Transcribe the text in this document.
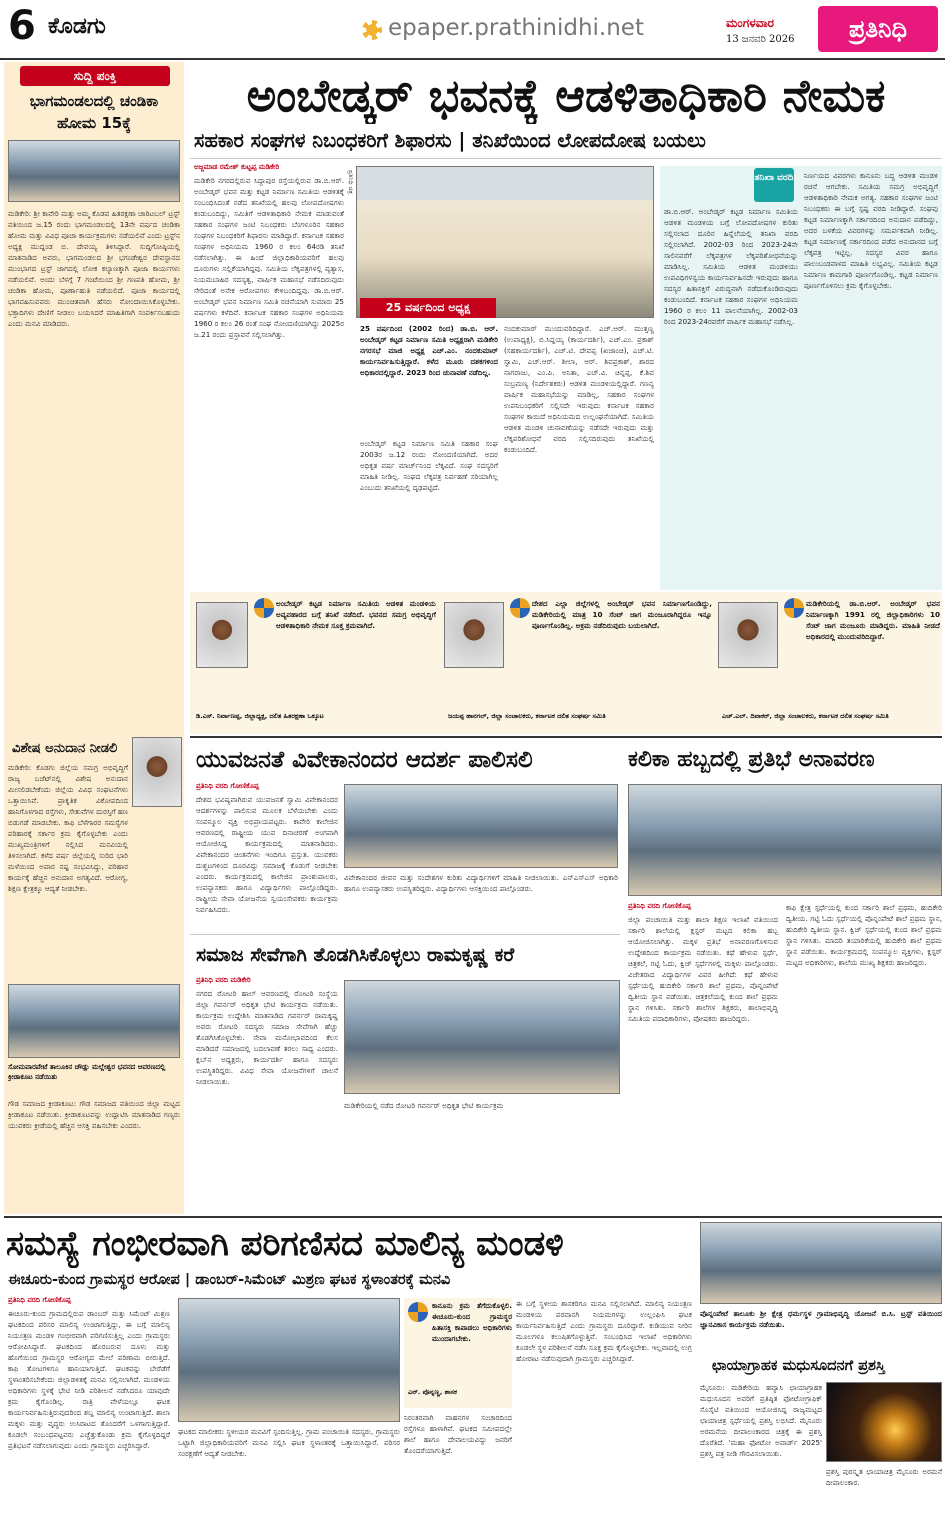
6 ಕೊಡಗು	epaper.prathinidhi.net	ಮಂಗಳವಾರ
13 ಜನವರಿ 2026	ಪ್ರತಿನಿಧಿ
ಸುದ್ದಿ ಪಂಕ್ತಿ
ಭಾಗಮಂಡಲದಲ್ಲಿ ಚಂಡಿಕಾ ಹೋಮ 15ಕ್ಕೆ
ಮಡಿಕೇರಿ: ಶ್ರೀ ಕಾವೇರಿ ಮತ್ತು ಅಮ್ಮ ಕೊಡವ ಹಿತರಕ್ಷಣಾ ಚಾರಿಟಬಲ್ ಟ್ರಸ್ಟ್ ವತಿಯಿಂದ ಜ.15 ರಂದು ಭಾಗಮಂಡಲದಲ್ಲಿ 13ನೇ ವರ್ಷದ ಚಂಡಿಕಾ ಹೋಮ ಮತ್ತು ವಿವಿಧ ಪೂಜಾ ಕಾರ್ಯಕ್ರಮಗಳು ನಡೆಯಲಿವೆ ಎಂದು ಟ್ರಸ್ಟ್‌ನ ಅಧ್ಯಕ್ಷ ಮುದ್ದಂಡ ಬಿ. ದೇವಯ್ಯ ತಿಳಿಸಿದ್ದಾರೆ. ಸುದ್ದಿಗೋಷ್ಠಿಯಲ್ಲಿ ಮಾತನಾಡಿದ ಅವರು, ಭಾಗಮಂಡಲದ ಶ್ರೀ ಭಗಂಡೇಶ್ವರ ದೇವಸ್ಥಾನದ ಮುಂಭಾಗದ ಟ್ರಸ್ಟ್ ಜಾಗದಲ್ಲಿ ಲೋಕ ಕಲ್ಯಾಣಕ್ಕಾಗಿ ಪೂಜಾ ಕಾರ್ಯಗಳು ನಡೆಯಲಿವೆ. ಅಂದು ಬೆಳಗ್ಗೆ 7 ಗಂಟೆಯಿಂದ ಶ್ರೀ ಗಣಪತಿ ಹೋಮ, ಶ್ರೀ ಚಂಡಿಕಾ ಹೋಮ, ಪೂರ್ಣಾಹುತಿ ನಡೆಯಲಿದೆ. ಪೂಜಾ ಕಾರ್ಯದಲ್ಲಿ ಭಾಗವಹಿಸುವವರು ಮುಂಚಿತವಾಗಿ ಹೆಸರು ನೋಂದಾಯಿಸಿಕೊಳ್ಳಬೇಕು. ಭಕ್ತಾದಿಗಳು ದೇಣಿಗೆ ನೀಡಲು ಬಯಸಿದರೆ ಮಾಹಿತಿಗಾಗಿ ಸಂಪರ್ಕಿಸಬಹುದು ಎಂದು ಮನವಿ ಮಾಡಿದರು.
ವಿಶೇಷ ಅನುದಾನ ನೀಡಲಿ
ಮಡಿಕೇರಿ: ಕೊಡಗು ಜಿಲ್ಲೆಯ ಸಮಗ್ರ ಅಭಿವೃದ್ಧಿಗೆ ರಾಜ್ಯ ಬಜೆಟ್‌ನಲ್ಲಿ ವಿಶೇಷ ಅನುದಾನ ಮೀಸಲಿಡಬೇಕೆಂದು ಜಿಲ್ಲೆಯ ವಿವಿಧ ಸಂಘಟನೆಗಳು ಒತ್ತಾಯಿಸಿವೆ. ಪ್ರಾಕೃತಿಕ ವಿಕೋಪದಿಂದ ಹಾನಿಗೊಳಗಾದ ರಸ್ತೆಗಳು, ಸೇತುವೆಗಳ ದುರಸ್ತಿಗೆ ಹಣ ಬಿಡುಗಡೆ ಮಾಡಬೇಕು. ಕಾಫಿ ಬೆಳೆಗಾರರ ಸಮಸ್ಯೆಗಳ ಪರಿಹಾರಕ್ಕೆ ಸರ್ಕಾರ ಕ್ರಮ ಕೈಗೊಳ್ಳಬೇಕು ಎಂದು ಮುಖ್ಯಮಂತ್ರಿಗಳಿಗೆ ಸಲ್ಲಿಸಿದ ಮನವಿಯಲ್ಲಿ ತಿಳಿಸಲಾಗಿದೆ. ಕಳೆದ ವರ್ಷ ಜಿಲ್ಲೆಯಲ್ಲಿ ಸುರಿದ ಭಾರಿ ಮಳೆಯಿಂದ ಅಪಾರ ನಷ್ಟ ಸಂಭವಿಸಿದ್ದು, ಪರಿಹಾರ ಕಾರ್ಯಕ್ಕೆ ಹೆಚ್ಚಿನ ಅನುದಾನ ಅಗತ್ಯವಿದೆ. ಆರೋಗ್ಯ, ಶಿಕ್ಷಣ ಕ್ಷೇತ್ರಕ್ಕೂ ಆದ್ಯತೆ ನೀಡಬೇಕು.
ಸೋಮವಾರಪೇಟೆ ತಾಲೂಕಿನ ಚೌಡ್ಲು ಮಲ್ಲೇಶ್ವರ ಭವನದ ಆವರಣದಲ್ಲಿ ಕ್ರೀಡಾಕೂಟ ನಡೆಯಿತು
ಗೌಡ ಸಮಾಜದ ಕ್ರೀಡಾಕೂಟ: ಗೌಡ ಸಮಾಜದ ವತಿಯಿಂದ ಜಿಲ್ಲಾ ಮಟ್ಟದ ಕ್ರೀಡಾಕೂಟ ನಡೆಯಿತು. ಕ್ರೀಡಾಕೂಟವನ್ನು ಉದ್ಘಾಟಿಸಿ ಮಾತನಾಡಿದ ಗಣ್ಯರು ಯುವಕರು ಕ್ರೀಡೆಯಲ್ಲಿ ಹೆಚ್ಚಿನ ಆಸಕ್ತಿ ವಹಿಸಬೇಕು ಎಂದರು.
ಅಂಬೇಡ್ಕರ್ ಭವನಕ್ಕೆ ಆಡಳಿತಾಧಿಕಾರಿ ನೇಮಕ
ಸಹಕಾರ ಸಂಘಗಳ ನಿಬಂಧಕರಿಗೆ ಶಿಫಾರಸು | ತನಿಖೆಯಿಂದ ಲೋಪದೋಷ ಬಯಲು
ಅಜ್ಜಮಾಡ ರಮೇಶ್ ಕುಟ್ಟಪ್ಪ ಮಡಿಕೇರಿ
ಮಡಿಕೇರಿ ನಗರದಲ್ಲಿರುವ ಸಿದ್ದಾಪುರ ರಸ್ತೆಯಲ್ಲಿರುವ ಡಾ.ಬಿ.ಆರ್. ಅಂಬೇಡ್ಕರ್ ಭವನ ಮತ್ತು ಕಟ್ಟಡ ನಿರ್ಮಾಣ ಸಮಿತಿಯ ಆಡಳಿತಕ್ಕೆ ಸಂಬಂಧಿಸಿದಂತೆ ನಡೆದ ತನಿಖೆಯಲ್ಲಿ ಹಲವು ಲೋಪದೋಷಗಳು ಕಂಡುಬಂದಿದ್ದು, ಸಮಿತಿಗೆ ಆಡಳಿತಾಧಿಕಾರಿ ನೇಮಕ ಮಾಡುವಂತೆ ಸಹಕಾರ ಸಂಘಗಳ ಜಂಟಿ ನಿಬಂಧಕರು ಬೆಂಗಳೂರಿನ ಸಹಕಾರ ಸಂಘಗಳ ನಿಬಂಧಕರಿಗೆ ಶಿಫಾರಸು ಮಾಡಿದ್ದಾರೆ. ಕರ್ನಾಟಕ ಸಹಕಾರ ಸಂಘಗಳ ಅಧಿನಿಯಮ 1960 ರ ಕಲಂ 64ರಡಿ ತನಿಖೆ ನಡೆಸಲಾಗಿತ್ತು. ಈ ಹಿಂದೆ ಜಿಲ್ಲಾಧಿಕಾರಿಯವರಿಗೆ ಹಲವು ದೂರುಗಳು ಸಲ್ಲಿಕೆಯಾಗಿದ್ದವು. ಸಮಿತಿಯ ಲೆಕ್ಕಪತ್ರಗಳಲ್ಲಿ ವ್ಯತ್ಯಾಸ, ನಿಯಮಬಾಹಿರ ಸದಸ್ಯತ್ವ, ವಾರ್ಷಿಕ ಮಹಾಸಭೆ ನಡೆಸದಿರುವುದು ಸೇರಿದಂತೆ ಅನೇಕ ಆರೋಪಗಳು ಕೇಳಿಬಂದಿದ್ದವು. ಡಾ.ಬಿ.ಆರ್. ಅಂಬೇಡ್ಕರ್ ಭವನ ನಿರ್ಮಾಣ ಸಮಿತಿ ರಚನೆಯಾಗಿ ಸುಮಾರು 25 ವರ್ಷಗಳು ಕಳೆದಿವೆ. ಕರ್ನಾಟಕ ಸಹಕಾರ ಸಂಘಗಳ ಅಧಿನಿಯಮ 1960 ರ ಕಲಂ 26 ರಂತೆ ಸಂಘ ನೋಂದಣಿಯಾಗಿದ್ದು 2025ರ ಜ.21 ರಂದು ಪ್ರಸ್ತಾವನೆ ಸಲ್ಲಿಸಲಾಗಿತ್ತು.
ಪ್ರತಿನಿಧಿ ಚಿತ್ರ
25 ವರ್ಷದಿಂದ ಅಧ್ಯಕ್ಷ
25 ವರ್ಷದಿಂದ (2002 ರಿಂದ) ಡಾ.ಬಿ. ಆರ್. ಅಂಬೇಡ್ಕರ್ ಕಟ್ಟಡ ನಿರ್ಮಾಣ ಸಮಿತಿ ಅಧ್ಯಕ್ಷರಾಗಿ ಮಡಿಕೇರಿ ನಗರಸಭೆ ಮಾಜಿ ಅಧ್ಯಕ್ಷ ಎಚ್.ಎಂ. ನಂದಕುಮಾರ್ ಕಾರ್ಯನಿರ್ವಹಿಸುತ್ತಿದ್ದಾರೆ. ಕಳೆದ ಮೂರು ದಶಕಗಳಿಂದ ಅಧಿಕಾರದಲ್ಲಿದ್ದಾರೆ. 2023 ರಿಂದ ಚುನಾವಣೆ ನಡೆದಿಲ್ಲ.
ನಂದಕುಮಾರ್ ಮುಂದುವರಿದಿದ್ದಾರೆ. ಎಚ್.ಆರ್. ಮುತ್ತಣ್ಣ (ಉಪಾಧ್ಯಕ್ಷ), ಬಿ.ಸಿದ್ದಯ್ಯ (ಕಾರ್ಯದರ್ಶಿ), ಎಚ್.ಎಂ. ಪ್ರಕಾಶ್ (ಸಹಕಾರ್ಯದರ್ಶಿ), ಎಚ್.ಟಿ. ದೇವಪ್ಪ (ಖಜಾಂಚಿ), ಎಚ್.ಟಿ. ಸ್ವಾಮಿ, ಎಚ್.ಆರ್. ಶೀಲಾ, ಆರ್. ಶಿವಪ್ರಕಾಶ್, ಶಾರದ ನಾಗರಾಜು, ಎಂ.ಪಿ. ಅನಿತಾ, ಎಚ್.ವಿ. ಚಿನ್ನಪ್ಪ, ಕೆ.ಶಿವ ಸುಬ್ರಮಣ್ಯ (ನಿರ್ದೇಶಕರು) ಆಡಳಿತ ಮಂಡಳಿಯಲ್ಲಿದ್ದಾರೆ. ಗಣನ್ಯ ವಾರ್ಷಿಕ ಮಹಾಸಭೆಯನ್ನು ಮಾಡಿಲ್ಲ, ಸಹಕಾರ ಸಂಘಗಳ ಉಪನಿಬಂಧಕರಿಗೆ ಸಲ್ಲಿಸದೇ ಇರುವುದು ಕರ್ನಾಟಕ ಸಹಕಾರ ಸಂಘಗಳ ಕಾಯಿದೆ ಅಧಿನಿಯಮದ ಉಲ್ಲಂಘನೆಯಾಗಿದೆ. ಸಮಿತಿಯ ಆಡಳಿತ ಮಂಡಳಿ ಚುನಾವಣೆಯನ್ನು ನಡೆಸದೇ ಇರುವುದು ಮತ್ತು ಲೆಕ್ಕಪರಿಶೋಧನೆ ವರದಿ ಸಲ್ಲಿಸದಿರುವುದು ತನಿಖೆಯಲ್ಲಿ ಕಂಡುಬಂದಿದೆ.
ಅಂಬೇಡ್ಕರ್ ಕಟ್ಟಡ ನಿರ್ಮಾಣ ಸಮಿತಿ ಸಹಕಾರ ಸಂಘ 2003ರ ಜ.12 ರಂದು ನೋಂದಣಿಯಾಗಿದೆ. ಅದರ ಅಧಿಕೃತ ವರ್ಷ ಮಾರ್ಚ್‌ನಿಂದ ಲೆಕ್ಕವಿದೆ. ಸಂಘ ಸದಸ್ಯರಿಗೆ ಮಾಹಿತಿ ನೀಡಿಲ್ಲ. ಸಂಘದ ಲೆಕ್ಕಪತ್ರ ನಿರ್ವಹಣೆ ಸರಿಯಾಗಿಲ್ಲ ಎಂಬುದು ತನಿಖೆಯಲ್ಲಿ ದೃಢಪಟ್ಟಿದೆ.
ತನಿಖಾ ವರದಿ
ಡಾ.ಬಿ.ಆರ್. ಅಂಬೇಡ್ಕರ್ ಕಟ್ಟಡ ನಿರ್ಮಾಣ ಸಮಿತಿಯ ಆಡಳಿತ ಮಂಡಳಿಯ ಬಗ್ಗೆ ಲೋಪದೋಷಗಳ ಕುರಿತು ಸಲ್ಲಿಸಲಾದ ದೂರಿನ ಹಿನ್ನೆಲೆಯಲ್ಲಿ ತನಿಖಾ ವರದಿ ಸಲ್ಲಿಸಲಾಗಿದೆ. 2002-03 ರಿಂದ 2023-24ನೇ ಸಾಲಿನವರೆಗೆ ಲೆಕ್ಕಪತ್ರಗಳ ಲೆಕ್ಕಪರಿಶೋಧನೆಯನ್ನು ಮಾಡಿಸಿಲ್ಲ. ಸಮಿತಿಯ ಆಡಳಿತ ಮಂಡಳಿಯು ಉಪವಿಧಿಗಳನ್ವಯ ಕಾರ್ಯನಿರ್ವಹಿಸದೇ ಇರುವುದು ಹಾಗೂ ಸದಸ್ಯರ ಹಿತಾಸಕ್ತಿಗೆ ವಿರುದ್ಧವಾಗಿ ನಡೆದುಕೊಂಡಿರುವುದು ಕಂಡುಬಂದಿದೆ. ಕರ್ನಾಟಕ ಸಹಕಾರ ಸಂಘಗಳ ಅಧಿನಿಯಮ 1960 ರ ಕಲಂ 11 ಪಾಲನೆಯಾಗಿಲ್ಲ. 2002-03 ರಿಂದ 2023-24ರವರೆಗೆ ವಾರ್ಷಿಕ ಮಹಾಸಭೆ ನಡೆಸಿಲ್ಲ.
ನಿರ್ಣಯದ ವಿವರಗಳು ಕಾನೂನು ಬದ್ಧ ಆಡಳಿತ ಮಂಡಳಿ ರಚನೆ ಆಗಬೇಕು. ಸಮಿತಿಯ ಸಮಗ್ರ ಅಭಿವೃದ್ಧಿಗೆ ಆಡಳಿತಾಧಿಕಾರಿ ನೇಮಕ ಅಗತ್ಯ. ಸಹಕಾರ ಸಂಘಗಳ ಜಂಟಿ ನಿಬಂಧಕರು ಈ ಬಗ್ಗೆ ಸ್ಪಷ್ಟ ವರದಿ ನೀಡಿದ್ದಾರೆ. ಸಂಘವು ಕಟ್ಟಡ ನಿರ್ಮಾಣಕ್ಕಾಗಿ ಸರ್ಕಾರದಿಂದ ಅನುದಾನ ಪಡೆದಿದ್ದು, ಅದರ ಬಳಕೆಯ ವಿವರಗಳನ್ನು ಸಮರ್ಪಕವಾಗಿ ನೀಡಿಲ್ಲ. ಕಟ್ಟಡ ನಿರ್ಮಾಣಕ್ಕೆ ಸರ್ಕಾರದಿಂದ ಪಡೆದ ಅನುದಾನದ ಬಗ್ಗೆ ಲೆಕ್ಕಪತ್ರ ಇಟ್ಟಿಲ್ಲ. ಸದಸ್ಯರ ವಿವರ ಹಾಗೂ ಪಾಲುಬಂಡವಾಳದ ಮಾಹಿತಿ ಲಭ್ಯವಿಲ್ಲ. ಸಮಿತಿಯ ಕಟ್ಟಡ ನಿರ್ಮಾಣ ಕಾಮಗಾರಿ ಪೂರ್ಣಗೊಂಡಿಲ್ಲ. ಕಟ್ಟಡ ನಿರ್ಮಾಣ ಪೂರ್ಣಗೊಳಿಸಲು ಕ್ರಮ ಕೈಗೊಳ್ಳಬೇಕು.
ಅಂಬೇಡ್ಕರ್ ಕಟ್ಟಡ ನಿರ್ಮಾಣ ಸಮಿತಿಯ ಆಡಳಿತ ಮಂಡಳಿಯ ಅವ್ಯವಹಾರದ ಬಗ್ಗೆ ತನಿಖೆ ನಡೆದಿದೆ. ಭವನದ ಸಮಗ್ರ ಅಭಿವೃದ್ಧಿಗೆ ಆಡಳಿತಾಧಿಕಾರಿ ನೇಮಕ ಸೂಕ್ತ ಕ್ರಮವಾಗಿದೆ.
ಡಿ.ಎಸ್. ನಿರ್ವಾಣಪ್ಪ, ಜಿಲ್ಲಾಧ್ಯಕ್ಷ, ದಲಿತ ಹಿತರಕ್ಷಣಾ ಒಕ್ಕೂಟ
ದೇಶದ ಎಲ್ಲಾ ಜಿಲ್ಲೆಗಳಲ್ಲಿ ಅಂಬೇಡ್ಕರ್ ಭವನ ನಿರ್ಮಾಣಗೊಂಡಿದ್ದು, ಮಡಿಕೇರಿಯಲ್ಲಿ ಮಾತ್ರ 10 ಸೆಂಟ್ ಜಾಗ ಮಂಜೂರಾಗಿದ್ದರೂ ಇನ್ನೂ ಪೂರ್ಣಗೊಂಡಿಲ್ಲ. ಅಕ್ರಮ ನಡೆದಿರುವುದು ಬಯಲಾಗಿದೆ.
ಜಯಪ್ಪ ಹಾನಗಲ್, ಜಿಲ್ಲಾ ಸಂಚಾಲಕರು, ಕರ್ನಾಟಕ ದಲಿತ ಸಂಘರ್ಷ ಸಮಿತಿ
ಮಡಿಕೇರಿಯಲ್ಲಿ ಡಾ.ಬಿ.ಆರ್. ಅಂಬೇಡ್ಕರ್ ಭವನ ನಿರ್ಮಾಣಕ್ಕಾಗಿ 1991 ರಲ್ಲಿ ಜಿಲ್ಲಾಧಿಕಾರಿಗಳು 10 ಸೆಂಟ್ ಜಾಗ ಮಂಜೂರು ಮಾಡಿದ್ದರು. ಮಾಹಿತಿ ನೀಡದೆ ಅಧಿಕಾರದಲ್ಲಿ ಮುಂದುವರಿದಿದ್ದಾರೆ.
ಎಚ್.ಎಲ್. ದಿವಾಕರ್, ಜಿಲ್ಲಾ ಸಂಚಾಲಕರು, ಕರ್ನಾಟಕ ದಲಿತ ಸಂಘರ್ಷ ಸಮಿತಿ
ಯುವಜನತೆ ವಿವೇಕಾನಂದರ ಆದರ್ಶ ಪಾಲಿಸಲಿ
ಪ್ರತಿನಿಧಿ ವರದಿ ಗೋಣಿಕೊಪ್ಪ
ದೇಶದ ಭವಿಷ್ಯವಾಗಿರುವ ಯುವಜನತೆ ಸ್ವಾಮಿ ವಿವೇಕಾನಂದರ ಆದರ್ಶಗಳನ್ನು ಪಾಲಿಸುವ ಮೂಲಕ ಬೆಳೆಯಬೇಕು ಎಂದು ಸಂಪನ್ಮೂಲ ವ್ಯಕ್ತಿ ಅಭಿಪ್ರಾಯಪಟ್ಟರು. ಕಾವೇರಿ ಕಾಲೇಜಿನ ಆವರಣದಲ್ಲಿ ರಾಷ್ಟ್ರೀಯ ಯುವ ದಿನಾಚರಣೆ ಅಂಗವಾಗಿ ಆಯೋಜಿಸಿದ್ದ ಕಾರ್ಯಕ್ರಮದಲ್ಲಿ ಮಾತನಾಡಿದರು. ವಿವೇಕಾನಂದರ ಚಿಂತನೆಗಳು ಇಂದಿಗೂ ಪ್ರಸ್ತುತ. ಯುವಕರು ದುಶ್ಚಟಗಳಿಂದ ದೂರವಿದ್ದು ಸಮಾಜಕ್ಕೆ ಕೊಡುಗೆ ನೀಡಬೇಕು ಎಂದರು. ಕಾರ್ಯಕ್ರಮದಲ್ಲಿ ಕಾಲೇಜಿನ ಪ್ರಾಂಶುಪಾಲರು, ಉಪನ್ಯಾಸಕರು ಹಾಗೂ ವಿದ್ಯಾರ್ಥಿಗಳು ಪಾಲ್ಗೊಂಡಿದ್ದರು. ರಾಷ್ಟ್ರೀಯ ಸೇವಾ ಯೋಜನೆಯ ಸ್ವಯಂಸೇವಕರು ಕಾರ್ಯಕ್ರಮ ನಿರ್ವಹಿಸಿದರು.
ವಿವೇಕಾನಂದರ ಜೀವನ ಮತ್ತು ಸಂದೇಶಗಳ ಕುರಿತು ವಿದ್ಯಾರ್ಥಿಗಳಿಗೆ ಮಾಹಿತಿ ನೀಡಲಾಯಿತು. ಎನ್‌ಎಸ್‌ಎಸ್ ಅಧಿಕಾರಿ ಹಾಗೂ ಉಪನ್ಯಾಸಕರು ಉಪಸ್ಥಿತರಿದ್ದರು. ವಿದ್ಯಾರ್ಥಿಗಳು ಆಸಕ್ತಿಯಿಂದ ಪಾಲ್ಗೊಂಡರು.
ಸಮಾಜ ಸೇವೆಗಾಗಿ ತೊಡಗಿಸಿಕೊಳ್ಳಲು ರಾಮಕೃಷ್ಣ ಕರೆ
ಪ್ರತಿನಿಧಿ ವರದಿ ಮಡಿಕೇರಿ
ನಗರದ ರೋಟರಿ ಹಾಲ್ ಆವರಣದಲ್ಲಿ ರೋಟರಿ ಸಂಸ್ಥೆಯ ಜಿಲ್ಲಾ ಗವರ್ನರ್ ಅಧಿಕೃತ ಭೇಟಿ ಕಾರ್ಯಕ್ರಮ ನಡೆಯಿತು. ಕಾರ್ಯಕ್ರಮ ಉದ್ದೇಶಿಸಿ ಮಾತನಾಡಿದ ಗವರ್ನರ್ ರಾಮಕೃಷ್ಣ ಅವರು ರೋಟರಿ ಸದಸ್ಯರು ಸಮಾಜ ಸೇವೆಗಾಗಿ ಹೆಚ್ಚು ತೊಡಗಿಸಿಕೊಳ್ಳಬೇಕು. ಸೇವಾ ಮನೋಭಾವದಿಂದ ಕೆಲಸ ಮಾಡಿದರೆ ಸಮಾಜದಲ್ಲಿ ಬದಲಾವಣೆ ತರಲು ಸಾಧ್ಯ ಎಂದರು. ಕ್ಲಬ್‌ನ ಅಧ್ಯಕ್ಷರು, ಕಾರ್ಯದರ್ಶಿ ಹಾಗೂ ಸದಸ್ಯರು ಉಪಸ್ಥಿತರಿದ್ದರು. ವಿವಿಧ ಸೇವಾ ಯೋಜನೆಗಳಿಗೆ ಚಾಲನೆ ನೀಡಲಾಯಿತು.
ಮಡಿಕೇರಿಯಲ್ಲಿ ನಡೆದ ರೋಟರಿ ಗವರ್ನರ್ ಅಧಿಕೃತ ಭೇಟಿ ಕಾರ್ಯಕ್ರಮ
ಕಲಿಕಾ ಹಬ್ಬದಲ್ಲಿ ಪ್ರತಿಭೆ ಅನಾವರಣ
ಪ್ರತಿನಿಧಿ ವರದಿ ಗೋಣಿಕೊಪ್ಪ
ಜಿಲ್ಲಾ ಪಂಚಾಯಿತಿ ಮತ್ತು ಶಾಲಾ ಶಿಕ್ಷಣ ಇಲಾಖೆ ವತಿಯಿಂದ ಸರ್ಕಾರಿ ಶಾಲೆಯಲ್ಲಿ ಕ್ಲಸ್ಟರ್ ಮಟ್ಟದ ಕಲಿಕಾ ಹಬ್ಬ ಆಯೋಜಿಸಲಾಗಿತ್ತು. ಮಕ್ಕಳ ಪ್ರತಿಭೆ ಅನಾವರಣಗೊಳಿಸುವ ಉದ್ದೇಶದಿಂದ ಕಾರ್ಯಕ್ರಮ ನಡೆಯಿತು. ಕಥೆ ಹೇಳುವ ಸ್ಪರ್ಧೆ, ಚಿತ್ರಕಲೆ, ಗಟ್ಟಿ ಓದು, ಕ್ವಿಜ್ ಸ್ಪರ್ಧೆಗಳಲ್ಲಿ ಮಕ್ಕಳು ಪಾಲ್ಗೊಂಡರು. ವಿಜೇತರಾದ ವಿದ್ಯಾರ್ಥಿಗಳ ವಿವರ ಹೀಗಿದೆ: ಕಥೆ ಹೇಳುವ ಸ್ಪರ್ಧೆಯಲ್ಲಿ ಹುದಿಕೇರಿ ಸರ್ಕಾರಿ ಶಾಲೆ ಪ್ರಥಮ, ಪೊನ್ನಂಪೇಟೆ ದ್ವಿತೀಯ ಸ್ಥಾನ ಪಡೆಯಿತು. ಚಿತ್ರಕಲೆಯಲ್ಲಿ ಕುಂದ ಶಾಲೆ ಪ್ರಥಮ ಸ್ಥಾನ ಗಳಿಸಿತು. ಸರ್ಕಾರಿ ಶಾಲೆಗಳ ಶಿಕ್ಷಕರು, ಶಾಲಾಭಿವೃದ್ಧಿ ಸಮಿತಿಯ ಪದಾಧಿಕಾರಿಗಳು, ಪೋಷಕರು ಹಾಜರಿದ್ದರು.
ಕಾಫಿ ಕ್ಷೇತ್ರ ಸ್ಪರ್ಧೆಯಲ್ಲಿ ಕುಂದ ಸರ್ಕಾರಿ ಶಾಲೆ ಪ್ರಥಮ, ಹುದಿಕೇರಿ ದ್ವಿತೀಯ. ಗಟ್ಟಿ ಓದು ಸ್ಪರ್ಧೆಯಲ್ಲಿ ಪೊನ್ನಂಪೇಟೆ ಶಾಲೆ ಪ್ರಥಮ ಸ್ಥಾನ, ಹುದಿಕೇರಿ ದ್ವಿತೀಯ ಸ್ಥಾನ. ಕ್ವಿಜ್ ಸ್ಪರ್ಧೆಯಲ್ಲಿ ಕುಂದ ಶಾಲೆ ಪ್ರಥಮ ಸ್ಥಾನ ಗಳಿಸಿತು. ಮಾದರಿ ತಯಾರಿಕೆಯಲ್ಲಿ ಹುದಿಕೇರಿ ಶಾಲೆ ಪ್ರಥಮ ಸ್ಥಾನ ಪಡೆಯಿತು. ಕಾರ್ಯಕ್ರಮದಲ್ಲಿ ಸಂಪನ್ಮೂಲ ವ್ಯಕ್ತಿಗಳು, ಕ್ಲಸ್ಟರ್ ಮಟ್ಟದ ಅಧಿಕಾರಿಗಳು, ಶಾಲೆಯ ಮುಖ್ಯ ಶಿಕ್ಷಕರು ಹಾಜರಿದ್ದರು.
ಸಮಸ್ಯೆ ಗಂಭೀರವಾಗಿ ಪರಿಗಣಿಸದ ಮಾಲಿನ್ಯ ಮಂಡಳಿ
ಈಚೂರು-ಕುಂದ ಗ್ರಾಮಸ್ಥರ ಆರೋಪ | ಡಾಂಬರ್-ಸಿಮೆಂಟ್ ಮಿಶ್ರಣ ಘಟಕ ಸ್ಥಳಾಂತರಕ್ಕೆ ಮನವಿ
ಪ್ರತಿನಿಧಿ ವರದಿ ಗೋಣಿಕೊಪ್ಪ
ಈಚೂರು-ಕುಂದ ಗ್ರಾಮದಲ್ಲಿರುವ ಡಾಂಬರ್ ಮತ್ತು ಸಿಮೆಂಟ್ ಮಿಶ್ರಣ ಘಟಕದಿಂದ ಪರಿಸರ ಮಾಲಿನ್ಯ ಉಂಟಾಗುತ್ತಿದ್ದು, ಈ ಬಗ್ಗೆ ಮಾಲಿನ್ಯ ನಿಯಂತ್ರಣ ಮಂಡಳಿ ಗಂಭೀರವಾಗಿ ಪರಿಗಣಿಸುತ್ತಿಲ್ಲ ಎಂದು ಗ್ರಾಮಸ್ಥರು ಆರೋಪಿಸಿದ್ದಾರೆ. ಘಟಕದಿಂದ ಹೊರಬರುವ ದೂಳು ಮತ್ತು ಹೊಗೆಯಿಂದ ಗ್ರಾಮಸ್ಥರ ಆರೋಗ್ಯದ ಮೇಲೆ ಪರಿಣಾಮ ಬೀರುತ್ತಿದೆ. ಕಾಫಿ ತೋಟಗಳಿಗೂ ಹಾನಿಯಾಗುತ್ತಿದೆ. ಘಟಕವನ್ನು ಬೇರೆಡೆಗೆ ಸ್ಥಳಾಂತರಿಸಬೇಕೆಂದು ಜಿಲ್ಲಾಡಳಿತಕ್ಕೆ ಮನವಿ ಸಲ್ಲಿಸಲಾಗಿದೆ. ಮಂಡಳಿಯ ಅಧಿಕಾರಿಗಳು ಸ್ಥಳಕ್ಕೆ ಭೇಟಿ ನೀಡಿ ಪರಿಶೀಲನೆ ನಡೆಸಿದರೂ ಯಾವುದೇ ಕ್ರಮ ಕೈಗೊಂಡಿಲ್ಲ. ರಾತ್ರಿ ವೇಳೆಯಲ್ಲೂ ಘಟಕ ಕಾರ್ಯನಿರ್ವಹಿಸುತ್ತಿರುವುದರಿಂದ ಶಬ್ದ ಮಾಲಿನ್ಯ ಉಂಟಾಗುತ್ತಿದೆ. ಶಾಲಾ ಮಕ್ಕಳು ಮತ್ತು ವೃದ್ಧರು ಉಸಿರಾಟದ ತೊಂದರೆಗೆ ಒಳಗಾಗುತ್ತಿದ್ದಾರೆ. ಕೂಡಲೇ ಸಂಬಂಧಪಟ್ಟವರು ಎಚ್ಚೆತ್ತುಕೊಂಡು ಕ್ರಮ ಕೈಗೊಳ್ಳದಿದ್ದರೆ ಪ್ರತಿಭಟನೆ ನಡೆಸಲಾಗುವುದು ಎಂದು ಗ್ರಾಮಸ್ಥರು ಎಚ್ಚರಿಸಿದ್ದಾರೆ.
ಘಟಕದ ಮಾಲೀಕರು ಸ್ಥಳೀಯರ ಮನವಿಗೆ ಸ್ಪಂದಿಸುತ್ತಿಲ್ಲ. ಗ್ರಾಮ ಪಂಚಾಯಿತಿ ಸದಸ್ಯರು, ಗ್ರಾಮಸ್ಥರು ಒಟ್ಟಾಗಿ ಜಿಲ್ಲಾಧಿಕಾರಿಯವರಿಗೆ ಮನವಿ ಸಲ್ಲಿಸಿ ಘಟಕ ಸ್ಥಳಾಂತರಕ್ಕೆ ಒತ್ತಾಯಿಸಿದ್ದಾರೆ. ಪರಿಸರ ಸಂರಕ್ಷಣೆಗೆ ಆದ್ಯತೆ ನೀಡಬೇಕು.
ಕಾನೂನು ಕ್ರಮ ತೆಗೆದುಕೊಳ್ಳಲಿ. ಈಚೂರು-ಕುಂದ ಗ್ರಾಮಸ್ಥರ ಹಿತಾಸಕ್ತಿ ಕಾಪಾಡಲು ಅಧಿಕಾರಿಗಳು ಮುಂದಾಗಬೇಕು.
ಎನ್. ಪೊನ್ನಣ್ಣ, ಶಾಸಕ
ನಿರಂತರವಾಗಿ ವಾಹನಗಳ ಸಂಚಾರದಿಂದ ರಸ್ತೆಗಳೂ ಹಾಳಾಗಿವೆ. ಘಟಕದ ಸಮೀಪದಲ್ಲೇ ಶಾಲೆ ಹಾಗೂ ದೇವಾಲಯವಿದ್ದು ಜನರಿಗೆ ತೊಂದರೆಯಾಗುತ್ತಿದೆ.
ಈ ಬಗ್ಗೆ ಸ್ಥಳೀಯ ಶಾಸಕರಿಗೂ ಮನವಿ ಸಲ್ಲಿಸಲಾಗಿದೆ. ಮಾಲಿನ್ಯ ನಿಯಂತ್ರಣ ಮಂಡಳಿಯ ಪರವಾನಗಿ ನಿಯಮಗಳನ್ನು ಉಲ್ಲಂಘಿಸಿ ಘಟಕ ಕಾರ್ಯನಿರ್ವಹಿಸುತ್ತಿದೆ ಎಂದು ಗ್ರಾಮಸ್ಥರು ದೂರಿದ್ದಾರೆ. ಕುಡಿಯುವ ನೀರಿನ ಮೂಲಗಳೂ ಕಲುಷಿತಗೊಳ್ಳುತ್ತಿವೆ. ಸಂಬಂಧಿಸಿದ ಇಲಾಖೆ ಅಧಿಕಾರಿಗಳು ಕೂಡಲೇ ಸ್ಥಳ ಪರಿಶೀಲನೆ ನಡೆಸಿ ಸೂಕ್ತ ಕ್ರಮ ಕೈಗೊಳ್ಳಬೇಕು. ಇಲ್ಲವಾದಲ್ಲಿ ಉಗ್ರ ಹೋರಾಟ ನಡೆಸುವುದಾಗಿ ಗ್ರಾಮಸ್ಥರು ಎಚ್ಚರಿಸಿದ್ದಾರೆ.
ಪೊನ್ನಂಪೇಟೆ ತಾಲೂಕು ಶ್ರೀ ಕ್ಷೇತ್ರ ಧರ್ಮಸ್ಥಳ ಗ್ರಾಮಾಭಿವೃದ್ಧಿ ಯೋಜನೆ ಬಿ.ಸಿ. ಟ್ರಸ್ಟ್ ವತಿಯಿಂದ ಜ್ಞಾನವಿಕಾಸ ಕಾರ್ಯಕ್ರಮ ನಡೆಯಿತು.
ಛಾಯಾಗ್ರಾಹಕ ಮಧುಸೂದನಗೆ ಪ್ರಶಸ್ತಿ
ಮೈಸೂರು: ಮಡಿಕೇರಿಯ ಹವ್ಯಾಸಿ ಛಾಯಾಗ್ರಾಹಕ ಮಧುಸೂದನ ಅವರಿಗೆ ಪ್ರತಿಷ್ಠಿತ ಫೋಟೋಗ್ರಾಫಿಕ್ ಸೊಸೈಟಿ ವತಿಯಿಂದ ಆಯೋಜಿಸಿದ್ದ ರಾಜ್ಯಮಟ್ಟದ ಛಾಯಾಚಿತ್ರ ಸ್ಪರ್ಧೆಯಲ್ಲಿ ಪ್ರಶಸ್ತಿ ಲಭಿಸಿದೆ. ಮೈಸೂರು ಅರಮನೆಯ ದೀಪಾಲಂಕಾರದ ಚಿತ್ರಕ್ಕೆ ಈ ಪ್ರಶಸ್ತಿ ದೊರೆತಿದೆ. 'ಮಹಾ ಫೋಟೋ ಅವಾರ್ಡ್ 2025' ಪ್ರಶಸ್ತಿ ಪತ್ರ ನೀಡಿ ಗೌರವಿಸಲಾಯಿತು.
ಪ್ರಶಸ್ತಿ ಪುರಸ್ಕೃತ ಛಾಯಾಚಿತ್ರ ಮೈಸೂರು ಅರಮನೆ ದೀಪಾಲಂಕಾರ.
